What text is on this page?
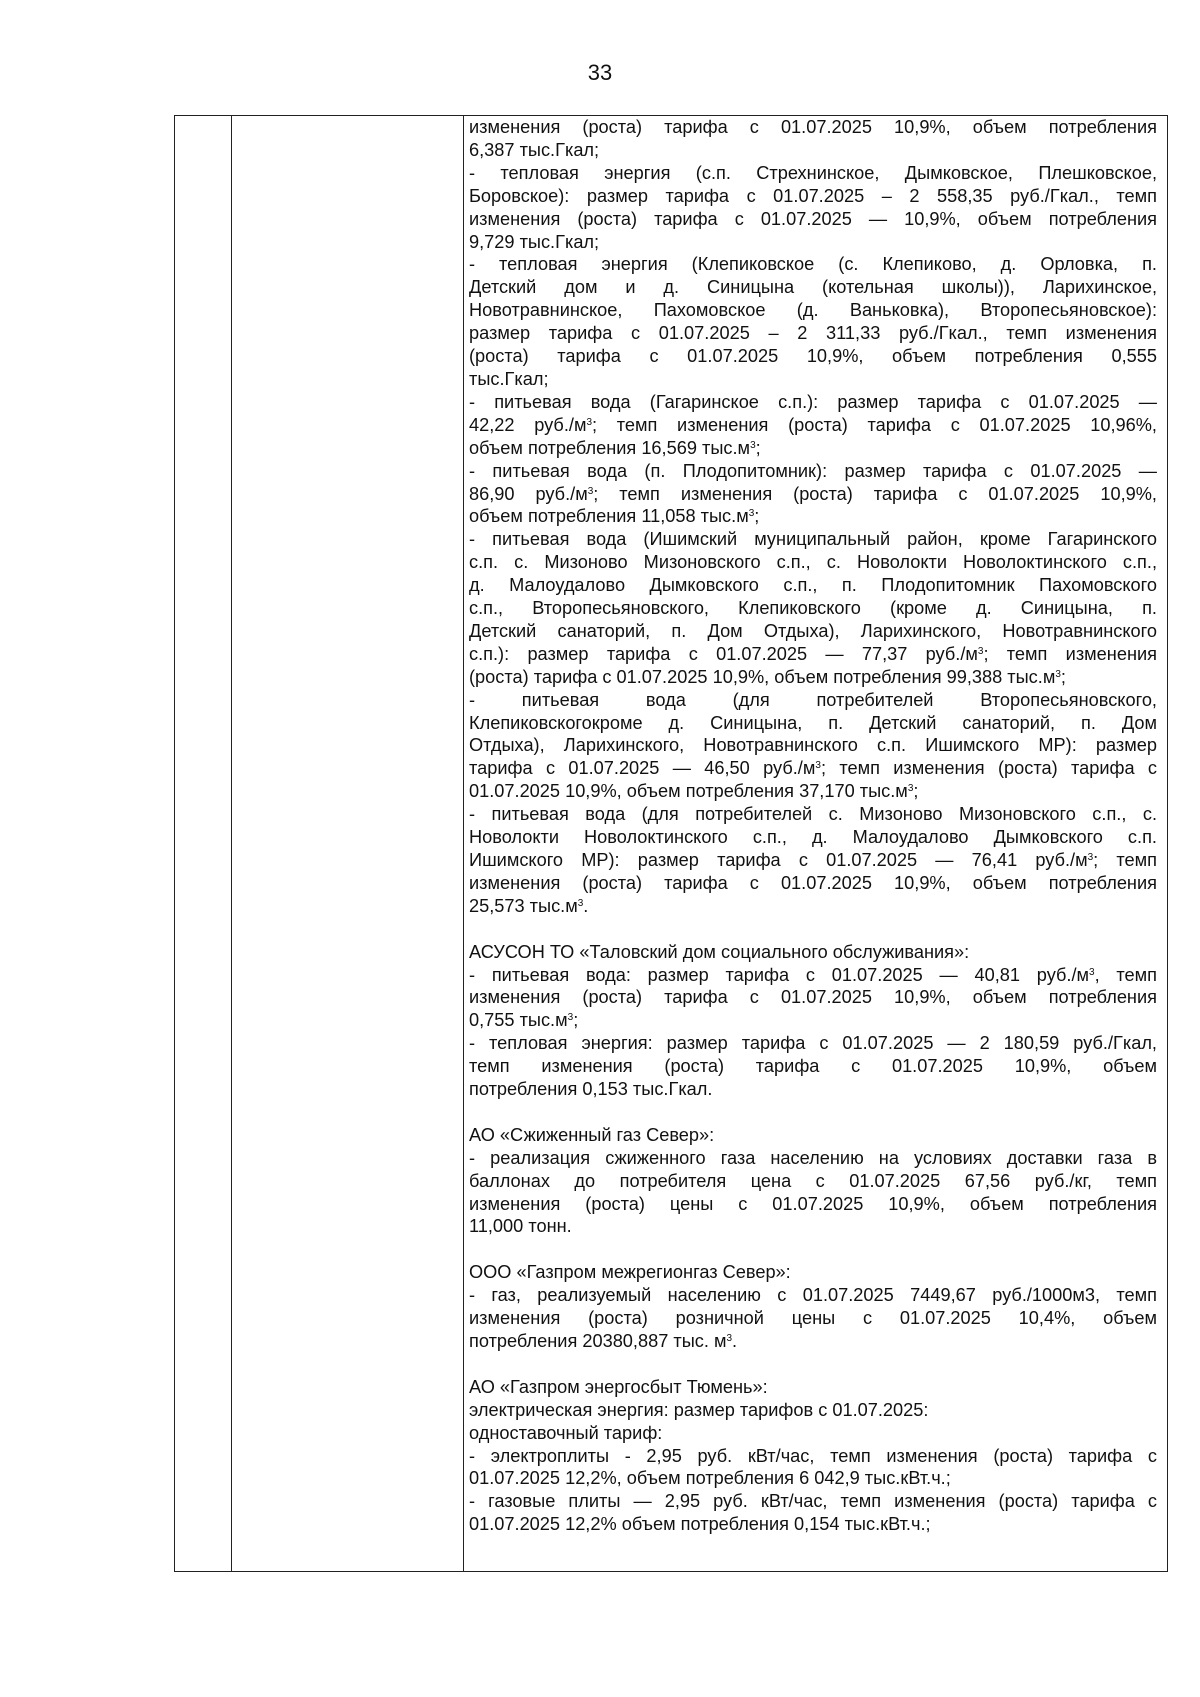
33
изменения (роста) тарифа с 01.07.2025 10,9%, объем потребления
6,387 тыс.Гкал;
- тепловая энергия (с.п. Стрехнинское, Дымковское, Плешковское,
Боровское): размер тарифа с 01.07.2025 – 2 558,35 руб./Гкал., темп
изменения (роста) тарифа с 01.07.2025 — 10,9%, объем потребления
9,729 тыс.Гкал;
- тепловая энергия (Клепиковское (с. Клепиково, д. Орловка, п.
Детский дом и д. Синицына (котельная школы)), Ларихинское,
Новотравнинское, Пахомовское (д. Ваньковка), Второпесьяновское):
размер тарифа с 01.07.2025 – 2 311,33 руб./Гкал., темп изменения
(роста) тарифа с 01.07.2025 10,9%, объем потребления 0,555
тыс.Гкал;
- питьевая вода (Гагаринское с.п.): размер тарифа с 01.07.2025 —
42,22 $руб./м^3$; темп изменения (роста) тарифа с 01.07.2025 10,96%,
объем потребления 16,569 $тыс.м^3$;
- питьевая вода (п. Плодопитомник): размер тарифа с 01.07.2025 —
86,90 $руб./м^3$; темп изменения (роста) тарифа с 01.07.2025 10,9%,
объем потребления 11,058 $тыс.м^3$;
- питьевая вода (Ишимский муниципальный район, кроме Гагаринского
с.п. с. Мизоново Мизоновского с.п., с. Новолокти Новолоктинского с.п.,
д. Малоудалово Дымковского с.п., п. Плодопитомник Пахомовского
с.п., Второпесьяновского, Клепиковского (кроме д. Синицына, п.
Детский санаторий, п. Дом Отдыха), Ларихинского, Новотравнинского
с.п.): размер тарифа с 01.07.2025 — 77,37 $руб./м^3$; темп изменения
(роста) тарифа с 01.07.2025 10,9%, объем потребления 99,388 $тыс.м^3$;
- питьевая вода (для потребителей Второпесьяновского,
Клепиковскогокроме д. Синицына, п. Детский санаторий, п. Дом
Отдыха), Ларихинского, Новотравнинского с.п. Ишимского МР): размер
тарифа с 01.07.2025 — 46,50 $руб./м^3$; темп изменения (роста) тарифа с
01.07.2025 10,9%, объем потребления 37,170 $тыс.м^3$;
- питьевая вода (для потребителей с. Мизоново Мизоновского с.п., с.
Новолокти Новолоктинского с.п., д. Малоудалово Дымковского с.п.
Ишимского МР): размер тарифа с 01.07.2025 — 76,41 $руб./м^3$; темп
изменения (роста) тарифа с 01.07.2025 10,9%, объем потребления
25,573 $тыс.м^3$.
АСУСОН ТО «Таловский дом социального обслуживания»:
- питьевая вода: размер тарифа с 01.07.2025 — 40,81 $руб./м^3$, темп
изменения (роста) тарифа с 01.07.2025 10,9%, объем потребления
0,755 $тыс.м^3$;
- тепловая энергия: размер тарифа с 01.07.2025 — 2 180,59 руб./Гкал,
темп изменения (роста) тарифа с 01.07.2025 10,9%, объем
потребления 0,153 тыс.Гкал.
АО «Сжиженный газ Север»:
- реализация сжиженного газа населению на условиях доставки газа в
баллонах до потребителя цена с 01.07.2025 67,56 руб./кг, темп
изменения (роста) цены с 01.07.2025 10,9%, объем потребления
11,000 тонн.
ООО «Газпром межрегионгаз Север»:
- газ, реализуемый населению с 01.07.2025 7449,67 руб./1000м3, темп
изменения (роста) розничной цены с 01.07.2025 10,4%, объем
потребления 20380,887 тыс. $м^3$.
АО «Газпром энергосбыт Тюмень»:
электрическая энергия: размер тарифов с 01.07.2025:
одноставочный тариф:
- электроплиты - 2,95 руб. кВт/час, темп изменения (роста) тарифа с
01.07.2025 12,2%, объем потребления 6 042,9 тыс.кВт.ч.;
- газовые плиты — 2,95 руб. кВт/час, темп изменения (роста) тарифа с
01.07.2025 12,2% объем потребления 0,154 тыс.кВт.ч.;
